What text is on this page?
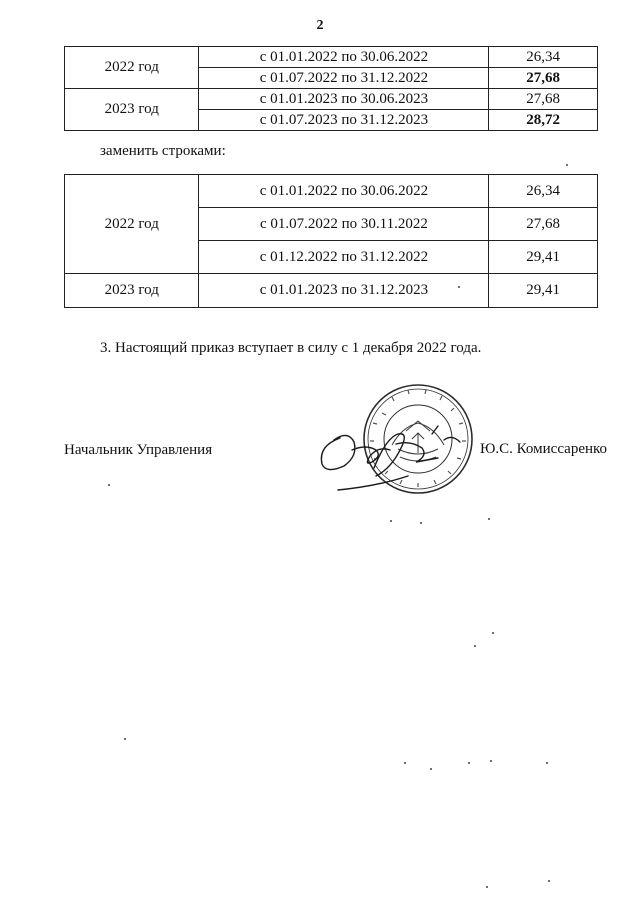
2
2022 год	с 01.01.2022 по 30.06.2022	26,34
	с 01.07.2022 по 31.12.2022	27,68
2023 год	с 01.01.2023 по 30.06.2023	27,68
	с 01.07.2023 по 31.12.2023	28,72
заменить строками:
2022 год	с 01.01.2022 по 30.06.2022	26,34
	с 01.07.2022 по 30.11.2022	27,68
	с 01.12.2022 по 31.12.2022	29,41
2023 год	с 01.01.2023 по 31.12.2023	29,41
3. Настоящий приказ вступает в силу с 1 декабря 2022 года.
Начальник Управления	Ю.С. Комиссаренко
